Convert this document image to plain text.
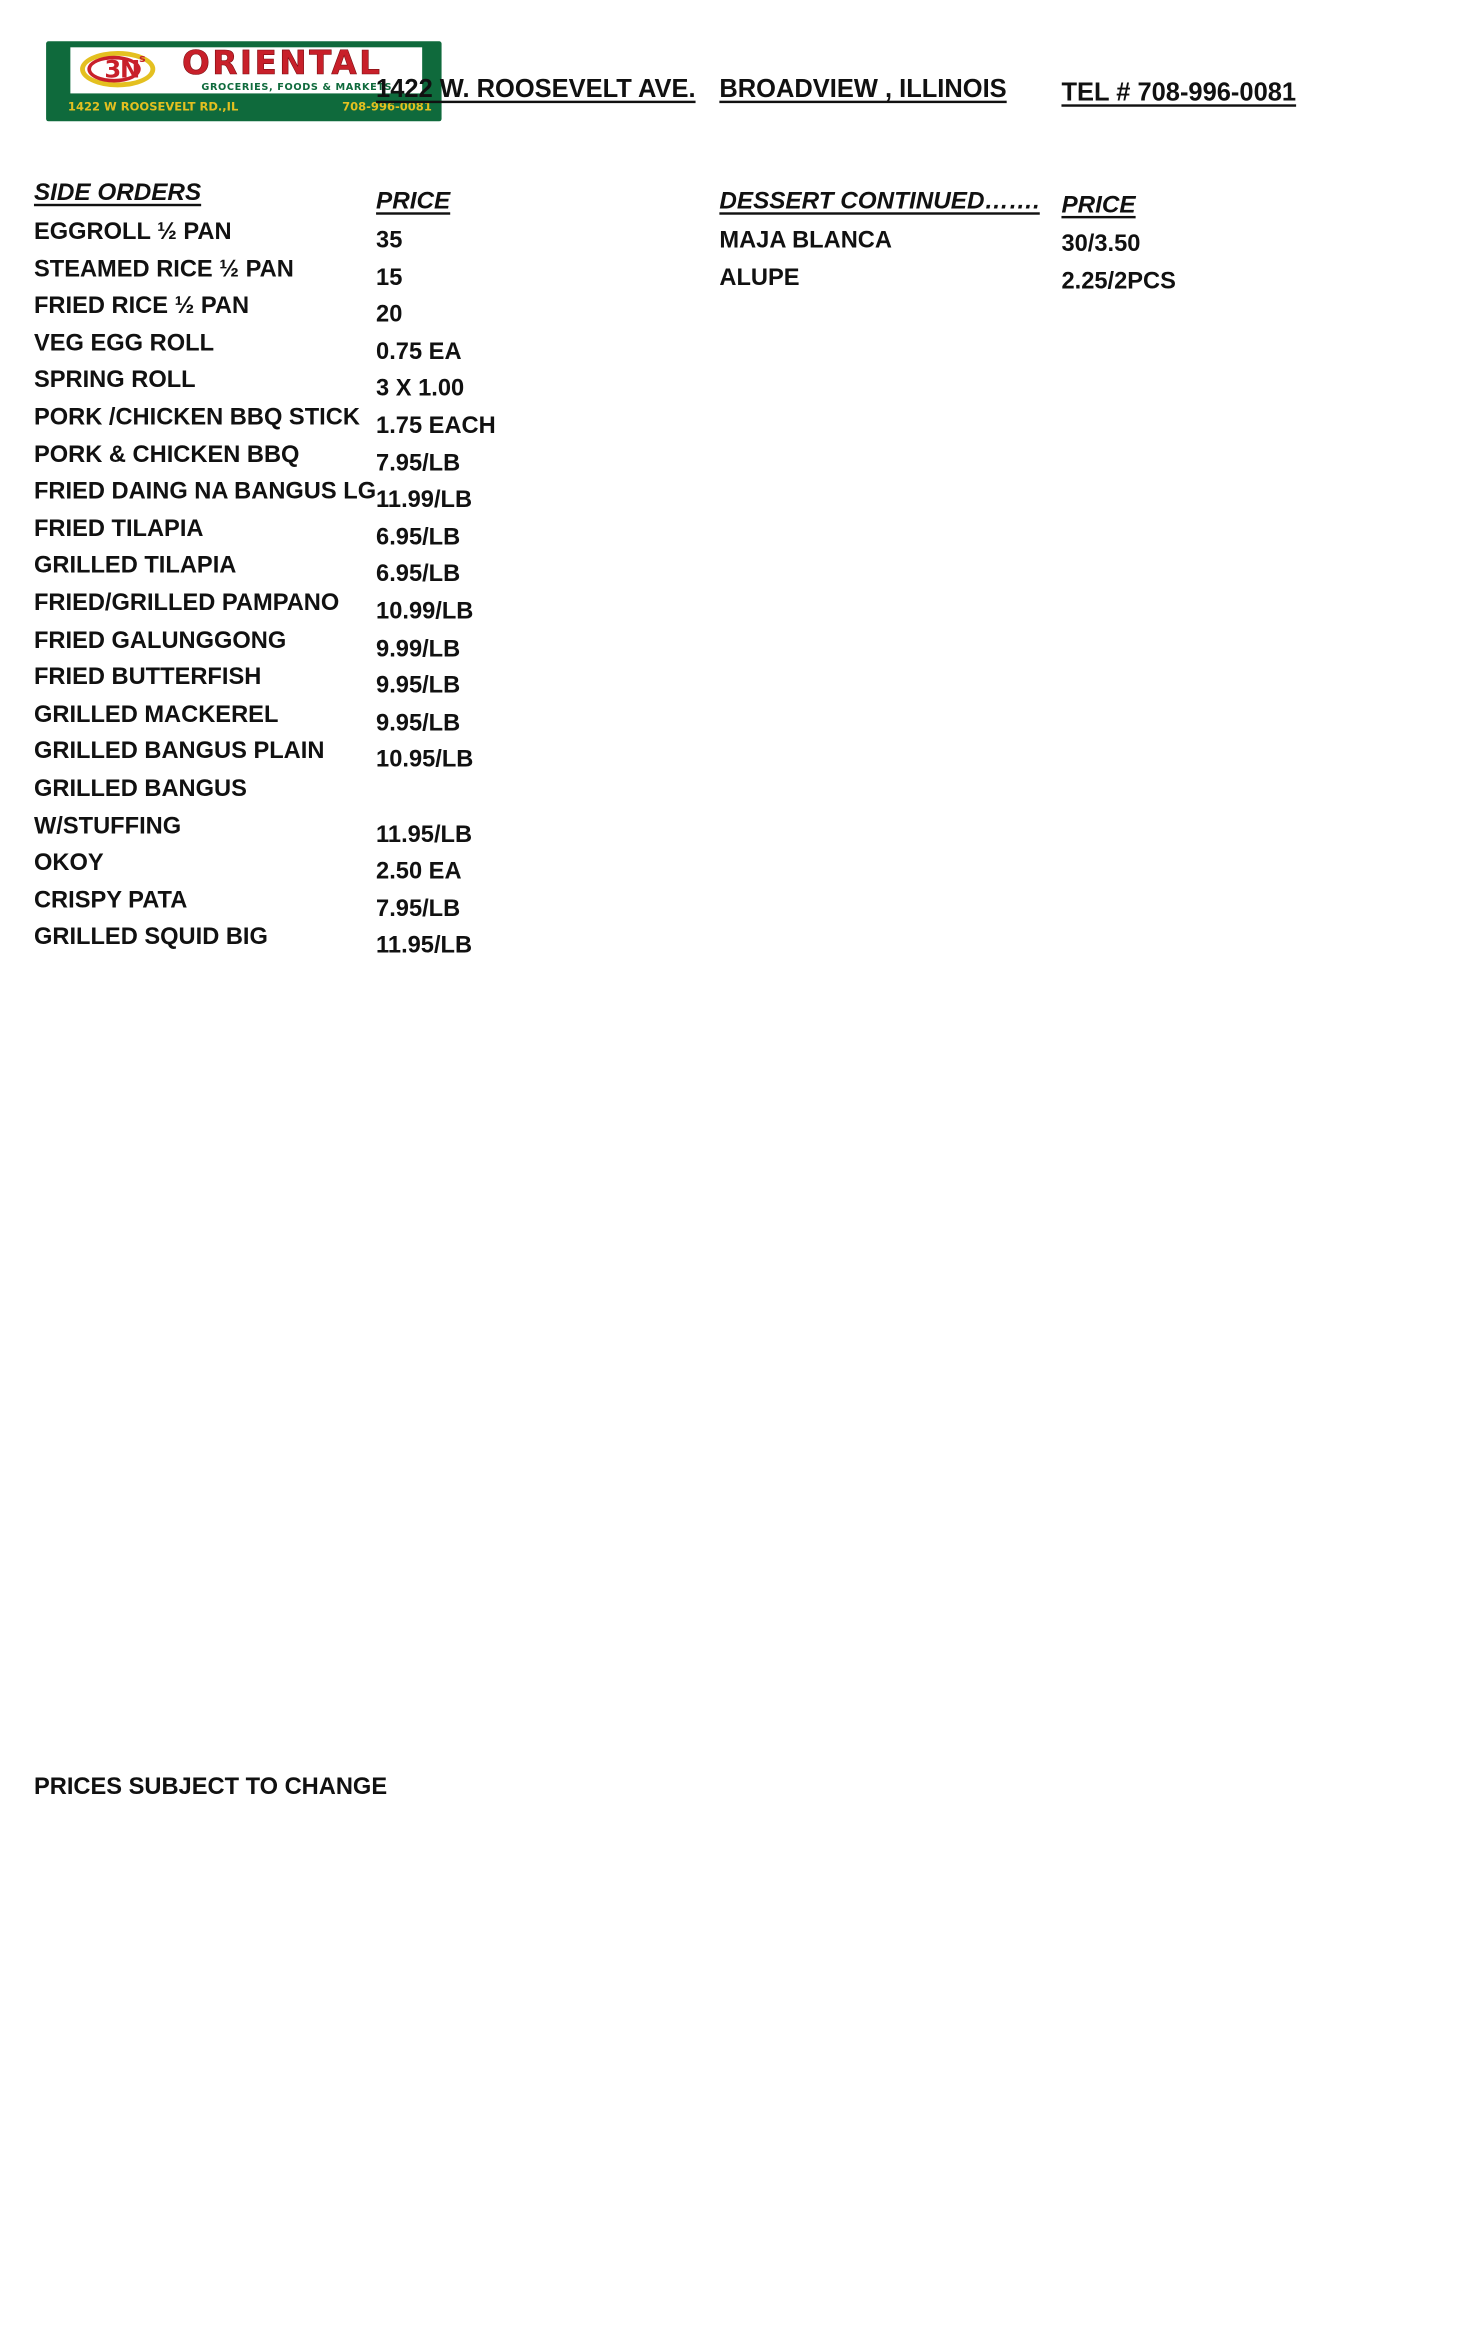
$3N^s$ ORIENTAL
GROCERIES, FOODS & MARKETS
1422 W ROOSEVELT RD.,IL	708-996-0081
1422 W. ROOSEVELT AVE. BROADVIEW , ILLINOIS	TEL # 708-996-0081
SIDE ORDERS	PRICE
EGGROLL ½ PAN	35
STEAMED RICE ½ PAN	15
FRIED RICE ½ PAN	20
VEG EGG ROLL	0.75 EA
SPRING ROLL	3 X 1.00
PORK /CHICKEN BBQ STICK 1.75 EACH
PORK & CHICKEN BBQ	7.95/LB
FRIED DAING NA BANGUS LG 11.99/LB
FRIED TILAPIA	6.95/LB
GRILLED TILAPIA	6.95/LB
FRIED/GRILLED PAMPANO 10.99/LB
FRIED GALUNGGONG	9.99/LB
FRIED BUTTERFISH	9.95/LB
GRILLED MACKEREL	9.95/LB
GRILLED BANGUS PLAIN	10.95/LB
GRILLED BANGUS
W/STUFFING	11.95/LB
OKOY	2.50 EA
CRISPY PATA	7.95/LB
GRILLED SQUID BIG	11.95/LB
DESSERT CONTINUED……. PRICE
MAJA BLANCA	30/3.50
ALUPE	2.25/2PCS
PRICES SUBJECT TO CHANGE
